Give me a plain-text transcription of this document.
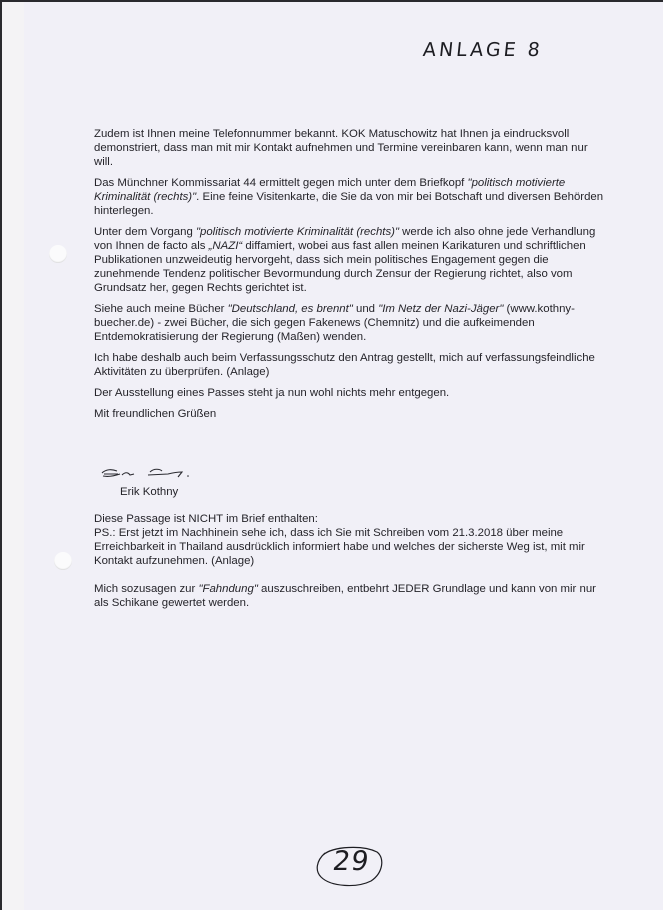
ANLAGE 8

Zudem ist Ihnen meine Telefonnummer bekannt. KOK Matuschowitz hat Ihnen ja eindrucksvoll demonstriert, dass man mit mir Kontakt aufnehmen und Termine vereinbaren kann, wenn man nur will.

Das Münchner Kommissariat 44 ermittelt gegen mich unter dem Briefkopf "politisch motivierte Kriminalität (rechts)". Eine feine Visitenkarte, die Sie da von mir bei Botschaft und diversen Behörden hinterlegen.

Unter dem Vorgang "politisch motivierte Kriminalität (rechts)" werde ich also ohne jede Verhandlung von Ihnen de facto als „NAZI“ diffamiert, wobei aus fast allen meinen Karikaturen und schriftlichen Publikationen unzweideutig hervorgeht, dass sich mein politisches Engagement gegen die zunehmende Tendenz politischer Bevormundung durch Zensur der Regierung richtet, also vom Grundsatz her, gegen Rechts gerichtet ist.

Siehe auch meine Bücher "Deutschland, es brennt" und "Im Netz der Nazi-Jäger" (www.kothny-buecher.de) - zwei Bücher, die sich gegen Fakenews (Chemnitz) und die aufkeimenden Entdemokratisierung der Regierung (Maßen) wenden.

Ich habe deshalb auch beim Verfassungsschutz den Antrag gestellt, mich auf verfassungsfeindliche Aktivitäten zu überprüfen. (Anlage)

Der Ausstellung eines Passes steht ja nun wohl nichts mehr entgegen.

Mit freundlichen Grüßen

Erik Kothny

Diese Passage ist NICHT im Brief enthalten:

PS.: Erst jetzt im Nachhinein sehe ich, dass ich Sie mit Schreiben vom 21.3.2018 über meine Erreichbarkeit in Thailand ausdrücklich informiert habe und welches der sicherste Weg ist, mit mir Kontakt aufzunehmen. (Anlage)

Mich sozusagen zur "Fahndung" auszuschreiben, entbehrt JEDER Grundlage und kann von mir nur als Schikane gewertet werden.

29
